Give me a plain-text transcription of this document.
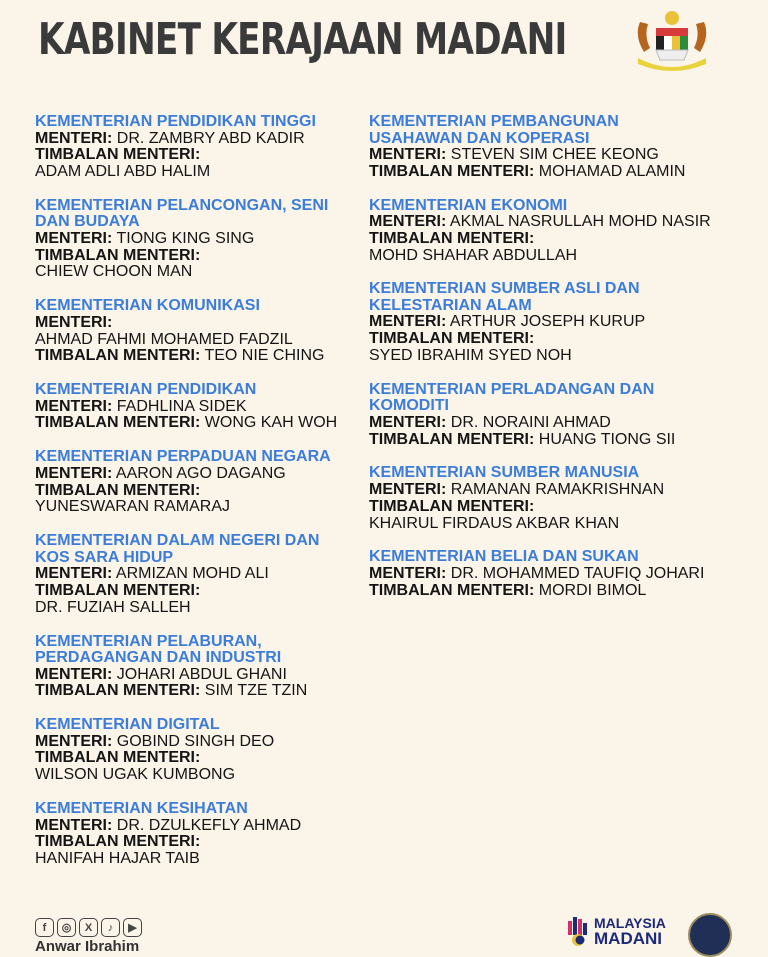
KABINET KERAJAAN MADANI
KEMENTERIAN PENDIDIKAN TINGGI
MENTERI: DR. ZAMBRY ABD KADIR
TIMBALAN MENTERI:
ADAM ADLI ABD HALIM
KEMENTERIAN PELANCONGAN, SENI
DAN BUDAYA
MENTERI: TIONG KING SING
TIMBALAN MENTERI:
CHIEW CHOON MAN
KEMENTERIAN KOMUNIKASI
MENTERI:
AHMAD FAHMI MOHAMED FADZIL
TIMBALAN MENTERI: TEO NIE CHING
KEMENTERIAN PENDIDIKAN
MENTERI: FADHLINA SIDEK
TIMBALAN MENTERI: WONG KAH WOH
KEMENTERIAN PERPADUAN NEGARA
MENTERI: AARON AGO DAGANG
TIMBALAN MENTERI:
YUNESWARAN RAMARAJ
KEMENTERIAN DALAM NEGERI DAN
KOS SARA HIDUP
MENTERI: ARMIZAN MOHD ALI
TIMBALAN MENTERI:
DR. FUZIAH SALLEH
KEMENTERIAN PELABURAN,
PERDAGANGAN DAN INDUSTRI
MENTERI: JOHARI ABDUL GHANI
TIMBALAN MENTERI: SIM TZE TZIN
KEMENTERIAN DIGITAL
MENTERI: GOBIND SINGH DEO
TIMBALAN MENTERI:
WILSON UGAK KUMBONG
KEMENTERIAN KESIHATAN
MENTERI: DR. DZULKEFLY AHMAD
TIMBALAN MENTERI:
HANIFAH HAJAR TAIB
KEMENTERIAN PEMBANGUNAN
USAHAWAN DAN KOPERASI
MENTERI: STEVEN SIM CHEE KEONG
TIMBALAN MENTERI: MOHAMAD ALAMIN
KEMENTERIAN EKONOMI
MENTERI: AKMAL NASRULLAH MOHD NASIR
TIMBALAN MENTERI:
MOHD SHAHAR ABDULLAH
KEMENTERIAN SUMBER ASLI DAN
KELESTARIAN ALAM
MENTERI: ARTHUR JOSEPH KURUP
TIMBALAN MENTERI:
SYED IBRAHIM SYED NOH
KEMENTERIAN PERLADANGAN DAN
KOMODITI
MENTERI: DR. NORAINI AHMAD
TIMBALAN MENTERI: HUANG TIONG SII
KEMENTERIAN SUMBER MANUSIA
MENTERI: RAMANAN RAMAKRISHNAN
TIMBALAN MENTERI:
KHAIRUL FIRDAUS AKBAR KHAN
KEMENTERIAN BELIA DAN SUKAN
MENTERI: DR. MOHAMMED TAUFIQ JOHARI
TIMBALAN MENTERI: MORDI BIMOL
f	◎	X	♪	▶
Anwar Ibrahim
MALAYSIA
MADANI
